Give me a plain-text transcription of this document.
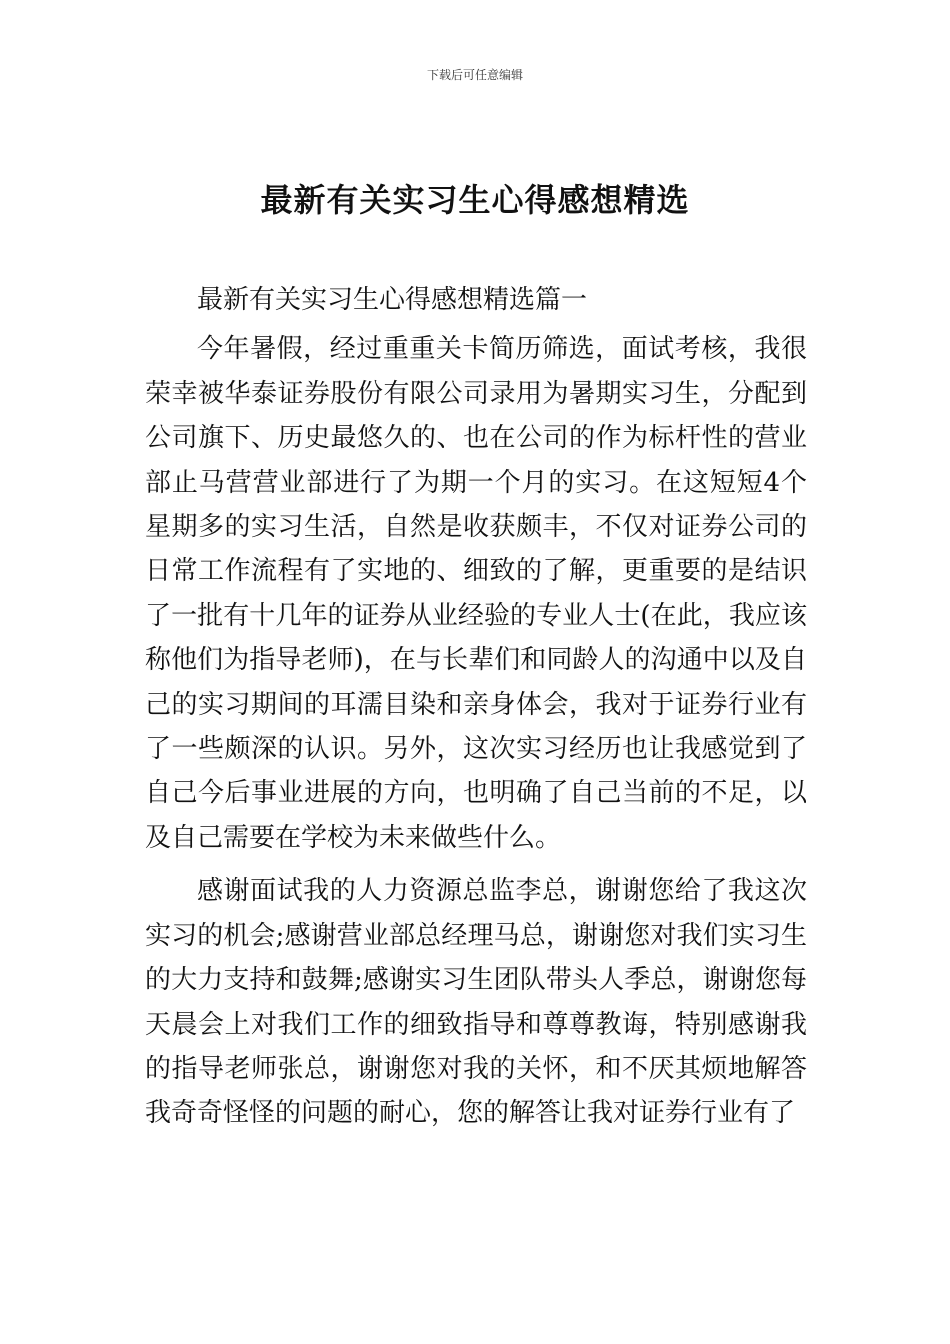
下载后可任意编辑
最新有关实习生心得感想精选

最新有关实习生心得感想精选篇一

今年暑假，经过重重关卡简历筛选，面试考核，我很荣幸被华泰证券股份有限公司录用为暑期实习生，分配到公司旗下、历史最悠久的、也在公司的作为标杆性的营业部止马营营业部进行了为期一个月的实习。在这短短4个星期多的实习生活，自然是收获颇丰，不仅对证券公司的日常工作流程有了实地的、细致的了解，更重要的是结识了一批有十几年的证券从业经验的专业人士(在此，我应该称他们为指导老师)，在与长辈们和同龄人的沟通中以及自己的实习期间的耳濡目染和亲身体会，我对于证券行业有了一些颇深的认识。另外，这次实习经历也让我感觉到了自己今后事业进展的方向，也明确了自己当前的不足，以及自己需要在学校为未来做些什么。

感谢面试我的人力资源总监李总，谢谢您给了我这次实习的机会;感谢营业部总经理马总，谢谢您对我们实习生的大力支持和鼓舞;感谢实习生团队带头人季总，谢谢您每天晨会上对我们工作的细致指导和尊尊教诲，特别感谢我的指导老师张总，谢谢您对我的关怀，和不厌其烦地解答我奇奇怪怪的问题的耐心，您的解答让我对证券行业有了
